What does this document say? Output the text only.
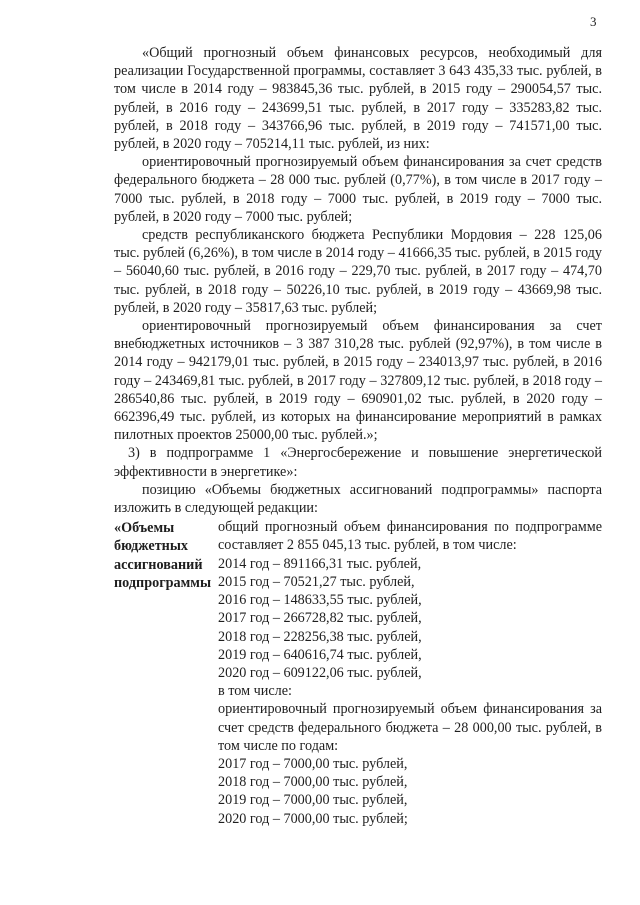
3

«Общий прогнозный объем финансовых ресурсов, необходимый для реализации Государственной программы, составляет 3 643 435,33 тыс. рублей, в том числе в 2014 году – 983845,36 тыс. рублей, в 2015 году – 290054,57 тыс. рублей, в 2016 году – 243699,51 тыс. рублей, в 2017 году – 335283,82 тыс. рублей, в 2018 году – 343766,96 тыс. рублей, в 2019 году – 741571,00 тыс. рублей, в 2020 году – 705214,11 тыс. рублей, из них:

ориентировочный прогнозируемый объем финансирования за счет средств федерального бюджета – 28 000 тыс. рублей (0,77%), в том числе в 2017 году – 7000 тыс. рублей, в 2018 году – 7000 тыс. рублей, в 2019 году – 7000 тыс. рублей, в 2020 году – 7000 тыс. рублей;

средств республиканского бюджета Республики Мордовия – 228 125,06 тыс. рублей (6,26%), в том числе в 2014 году – 41666,35 тыс. рублей, в 2015 году – 56040,60 тыс. рублей, в 2016 году – 229,70 тыс. рублей, в 2017 году – 474,70 тыс. рублей, в 2018 году – 50226,10 тыс. рублей, в 2019 году – 43669,98 тыс. рублей, в 2020 году – 35817,63 тыс. рублей;

ориентировочный прогнозируемый объем финансирования за счет внебюджетных источников – 3 387 310,28 тыс. рублей (92,97%), в том числе в 2014 году – 942179,01 тыс. рублей, в 2015 году – 234013,97 тыс. рублей, в 2016 году – 243469,81 тыс. рублей, в 2017 году – 327809,12 тыс. рублей, в 2018 году – 286540,86 тыс. рублей, в 2019 году – 690901,02 тыс. рублей, в 2020 году – 662396,49 тыс. рублей, из которых на финансирование мероприятий в рамках пилотных проектов 25000,00 тыс. рублей.»;

3) в подпрограмме 1 «Энергосбережение и повышение энергетической эффективности в энергетике»:

позицию «Объемы бюджетных ассигнований подпрограммы» паспорта изложить в следующей редакции:

«Объемы бюджетных ассигнований подпрограммы

общий прогнозный объем финансирования по подпрограмме составляет 2 855 045,13 тыс. рублей, в том числе:

2014 год – 891166,31 тыс. рублей,

2015 год – 70521,27 тыс. рублей,

2016 год – 148633,55 тыс. рублей,

2017 год – 266728,82 тыс. рублей,

2018 год – 228256,38 тыс. рублей,

2019 год – 640616,74 тыс. рублей,

2020 год – 609122,06 тыс. рублей,

в том числе:

ориентировочный прогнозируемый объем финансирования за счет средств федерального бюджета – 28 000,00 тыс. рублей, в том числе по годам:

2017 год – 7000,00 тыс. рублей,

2018 год – 7000,00 тыс. рублей,

2019 год – 7000,00 тыс. рублей,

2020 год – 7000,00 тыс. рублей;
